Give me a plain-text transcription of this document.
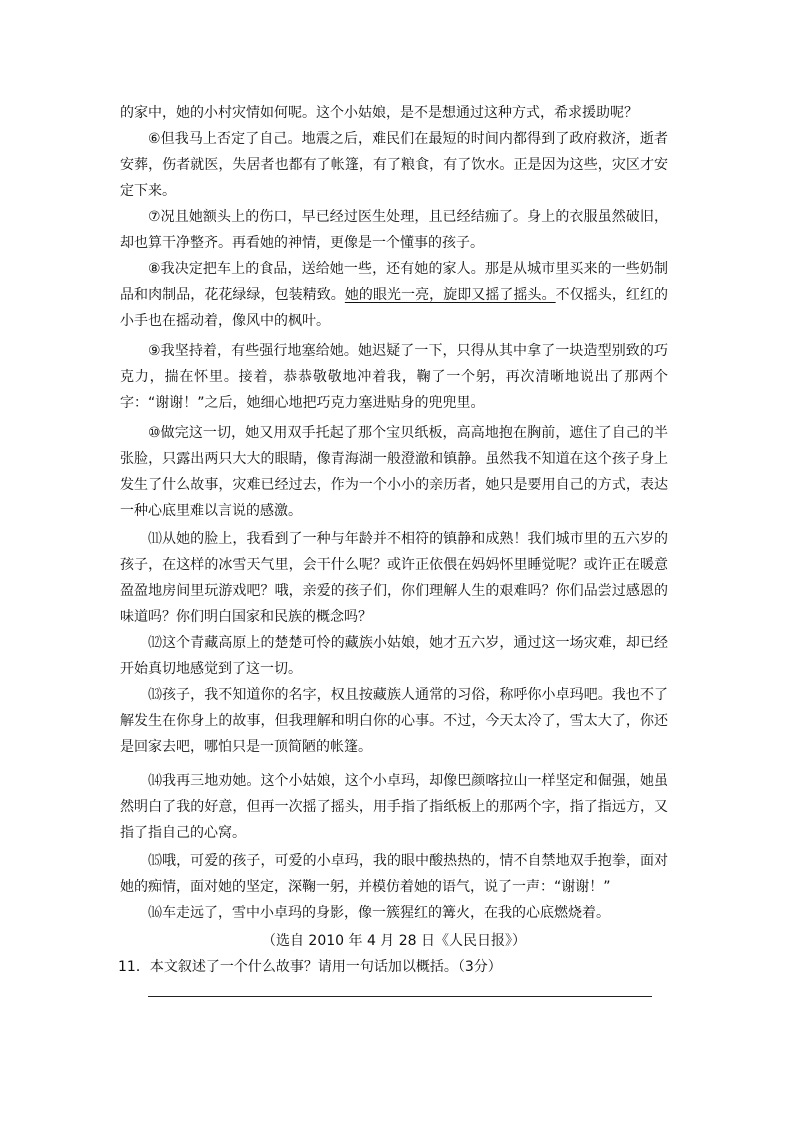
的家中，她的小村灾情如何呢。这个小姑娘，是不是想通过这种方式，希求援助呢？

⑥但我马上否定了自己。地震之后，难民们在最短的时间内都得到了政府救济，逝者安葬，伤者就医，失居者也都有了帐篷，有了粮食，有了饮水。正是因为这些，灾区才安定下来。

⑦况且她额头上的伤口，早已经过医生处理，且已经结痂了。身上的衣服虽然破旧，却也算干净整齐。再看她的神情，更像是一个懂事的孩子。

⑧我决定把车上的食品，送给她一些，还有她的家人。那是从城市里买来的一些奶制品和肉制品，花花绿绿，包装精致。她的眼光一亮，旋即又摇了摇头。不仅摇头，红红的小手也在摇动着，像风中的枫叶。

⑨我坚持着，有些强行地塞给她。她迟疑了一下，只得从其中拿了一块造型别致的巧克力，揣在怀里。接着，恭恭敬敬地冲着我，鞠了一个躬，再次清晰地说出了那两个字：“谢谢！”之后，她细心地把巧克力塞进贴身的兜兜里。

⑩做完这一切，她又用双手托起了那个宝贝纸板，高高地抱在胸前，遮住了自己的半张脸，只露出两只大大的眼睛，像青海湖一般澄澈和镇静。虽然我不知道在这个孩子身上发生了什么故事，灾难已经过去，作为一个小小的亲历者，她只是要用自己的方式，表达一种心底里难以言说的感激。

⑾从她的脸上，我看到了一种与年龄并不相符的镇静和成熟！我们城市里的五六岁的孩子，在这样的冰雪天气里，会干什么呢？或许正依偎在妈妈怀里睡觉呢？或许正在暖意盈盈地房间里玩游戏吧？哦，亲爱的孩子们，你们理解人生的艰难吗？你们品尝过感恩的味道吗？你们明白国家和民族的概念吗？

⑿这个青藏高原上的楚楚可怜的藏族小姑娘，她才五六岁，通过这一场灾难，却已经开始真切地感觉到了这一切。

⒀孩子，我不知道你的名字，权且按藏族人通常的习俗，称呼你小卓玛吧。我也不了解发生在你身上的故事，但我理解和明白你的心事。不过，今天太冷了，雪太大了，你还是回家去吧，哪怕只是一顶简陋的帐篷。

⒁我再三地劝她。这个小姑娘，这个小卓玛，却像巴颜喀拉山一样坚定和倔强，她虽然明白了我的好意，但再一次摇了摇头，用手指了指纸板上的那两个字，指了指远方，又指了指自己的心窝。

⒂哦，可爱的孩子，可爱的小卓玛，我的眼中酸热热的，情不自禁地双手抱拳，面对她的痴情，面对她的坚定，深鞠一躬，并模仿着她的语气，说了一声：“谢谢！”

⒃车走远了，雪中小卓玛的身影，像一簇猩红的篝火，在我的心底燃烧着。

（选自 2010 年 4 月 28 日《人民日报》）

11．本文叙述了一个什么故事？请用一句话加以概括。（3分）
